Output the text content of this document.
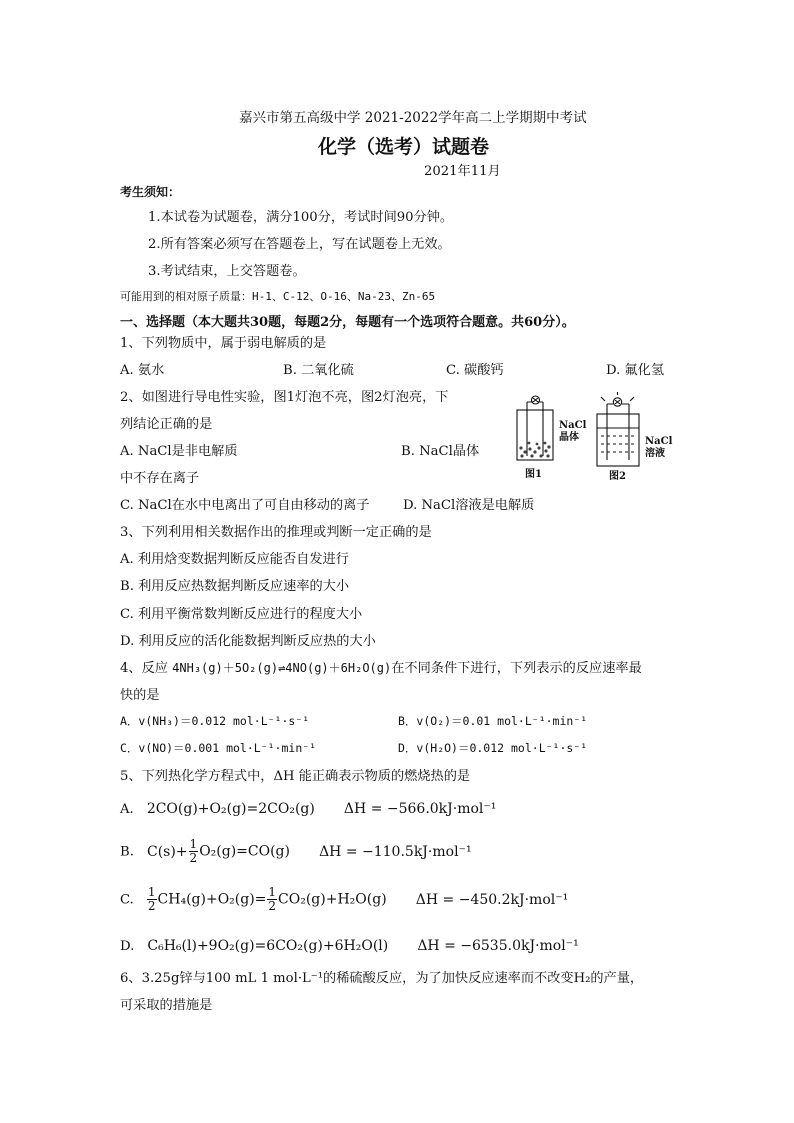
嘉兴市第五高级中学 2021-2022学年高二上学期期中考试
化学（选考）试题卷
2021年11月
考生须知：
1.本试卷为试题卷，满分100分，考试时间90分钟。
2.所有答案必须写在答题卷上，写在试题卷上无效。
3.考试结束，上交答题卷。
可能用到的相对原子质量：H-1、C-12、O-16、Na-23、Zn-65
一、选择题（本大题共30题，每题2分，每题有一个选项符合题意。共60分）。
1、下列物质中，属于弱电解质的是
A. 氨水	B. 二氧化硫	C. 碳酸钙	D. 氟化氢
2、如图进行导电性实验，图1灯泡不亮，图2灯泡亮，下
列结论正确的是
A. NaCl是非电解质	B. NaCl晶体
中不存在离子
C. NaCl在水中电离出了可自由移动的离子	D. NaCl溶液是电解质
NaCl
晶体
图1
NaCl
溶液
图2
3、下列利用相关数据作出的推理或判断一定正确的是
A. 利用焓变数据判断反应能否自发进行
B. 利用反应热数据判断反应速率的大小
C. 利用平衡常数判断反应进行的程度大小
D. 利用反应的活化能数据判断反应热的大小
4、反应 4NH₃(g)＋5O₂(g)⇌4NO(g)＋6H₂O(g)在不同条件下进行，下列表示的反应速率最
快的是
A．v(NH₃)＝0.012 mol·L⁻¹·s⁻¹	B．v(O₂)＝0.01 mol·L⁻¹·min⁻¹
C．v(NO)＝0.001 mol·L⁻¹·min⁻¹	D．v(H₂O)＝0.012 mol·L⁻¹·s⁻¹
5、下列热化学方程式中，ΔH 能正确表示物质的燃烧热的是
A. 2CO(g)+O₂(g)=2CO₂(g) ΔH = −566.0kJ·mol⁻¹
B. $C(s)+ \frac{1}{2} O_2(g)=CO(g) \Delta H = -110.5kJ\cdot mol^{-1}$
C. $\frac{1}{2} CH_4(g)+O_2(g)= \frac{1}{2} CO_2(g)+H_2O(g) \Delta H = -450.2kJ\cdot mol^{-1}$
D. C₆H₆(l)+9O₂(g)=6CO₂(g)+6H₂O(l) ΔH = −6535.0kJ·mol⁻¹
6、3.25g锌与100 mL 1 mol·L⁻¹的稀硫酸反应，为了加快反应速率而不改变H₂的产量，
可采取的措施是
